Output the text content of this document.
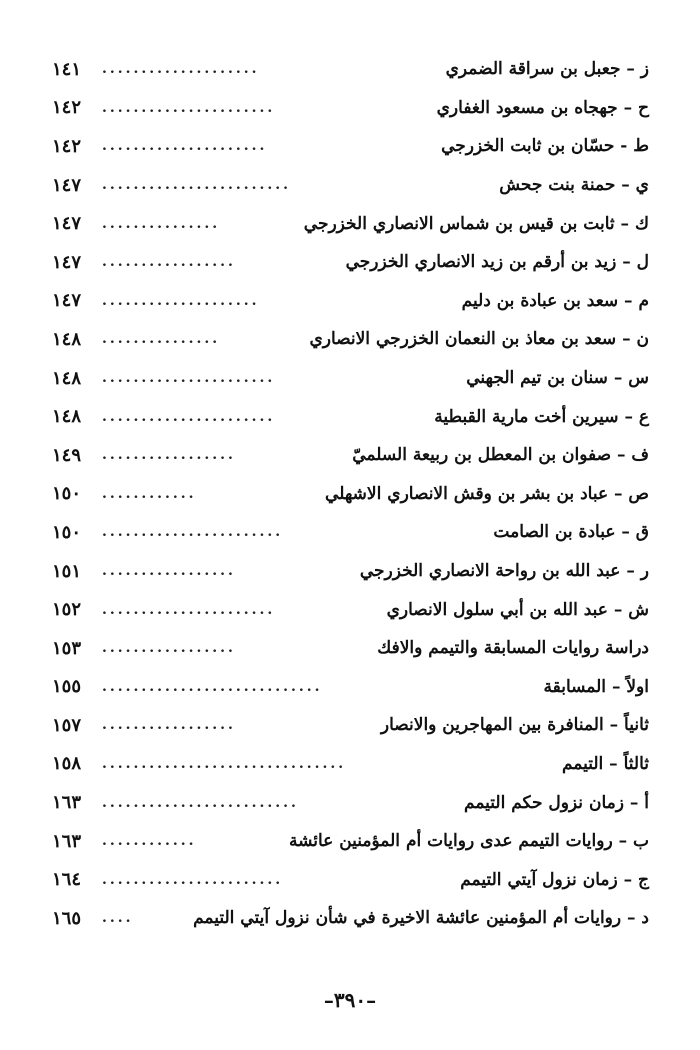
١٤١	....................	ز – جعبل بن سراقة الضمري
١٤٢	......................	ح – جهجاه بن مسعود الغفاري
١٤٢	.....................	ط - حسّان بن ثابت الخزرجي
١٤٧	........................	ي – حمنة بنت جحش
١٤٧	...............	ك – ثابت بن قيس بن شماس الانصاري الخزرجي
١٤٧	.................	ل – زيد بن أرقم بن زيد الانصاري الخزرجي
١٤٧	....................	م – سعد بن عبادة بن دليم
١٤٨	...............	ن – سعد بن معاذ بن النعمان الخزرجي الانصاري
١٤٨	......................	س – سنان بن تيم الجهني
١٤٨	......................	ع – سيرين أخت مارية القبطية
١٤٩	.................	ف – صفوان بن المعطل بن ربيعة السلميّ
١٥٠	............	ص – عباد بن بشر بن وقش الانصاري الاشهلي
١٥٠	.......................	ق – عبادة بن الصامت
١٥١	.................	ر – عبد الله بن رواحة الانصاري الخزرجي
١٥٢	......................	ش – عبد الله بن أبي سلول الانصاري
١٥٣	.................	دراسة روايات المسابقة والتيمم والافك
١٥٥	............................	اولاً – المسابقة
١٥٧	.................	ثانياً – المنافرة بين المهاجرين والانصار
١٥٨	...............................	ثالثاً – التيمم
١٦٣	.........................	أ – زمان نزول حكم التيمم
١٦٣	............	ب – روايات التيمم عدى روايات أم المؤمنين عائشة
١٦٤	.......................	ج – زمان نزول آيتي التيمم
١٦٥	....	د – روايات أم المؤمنين عائشة الاخيرة في شأن نزول آيتي التيمم
–٣٩٠–
